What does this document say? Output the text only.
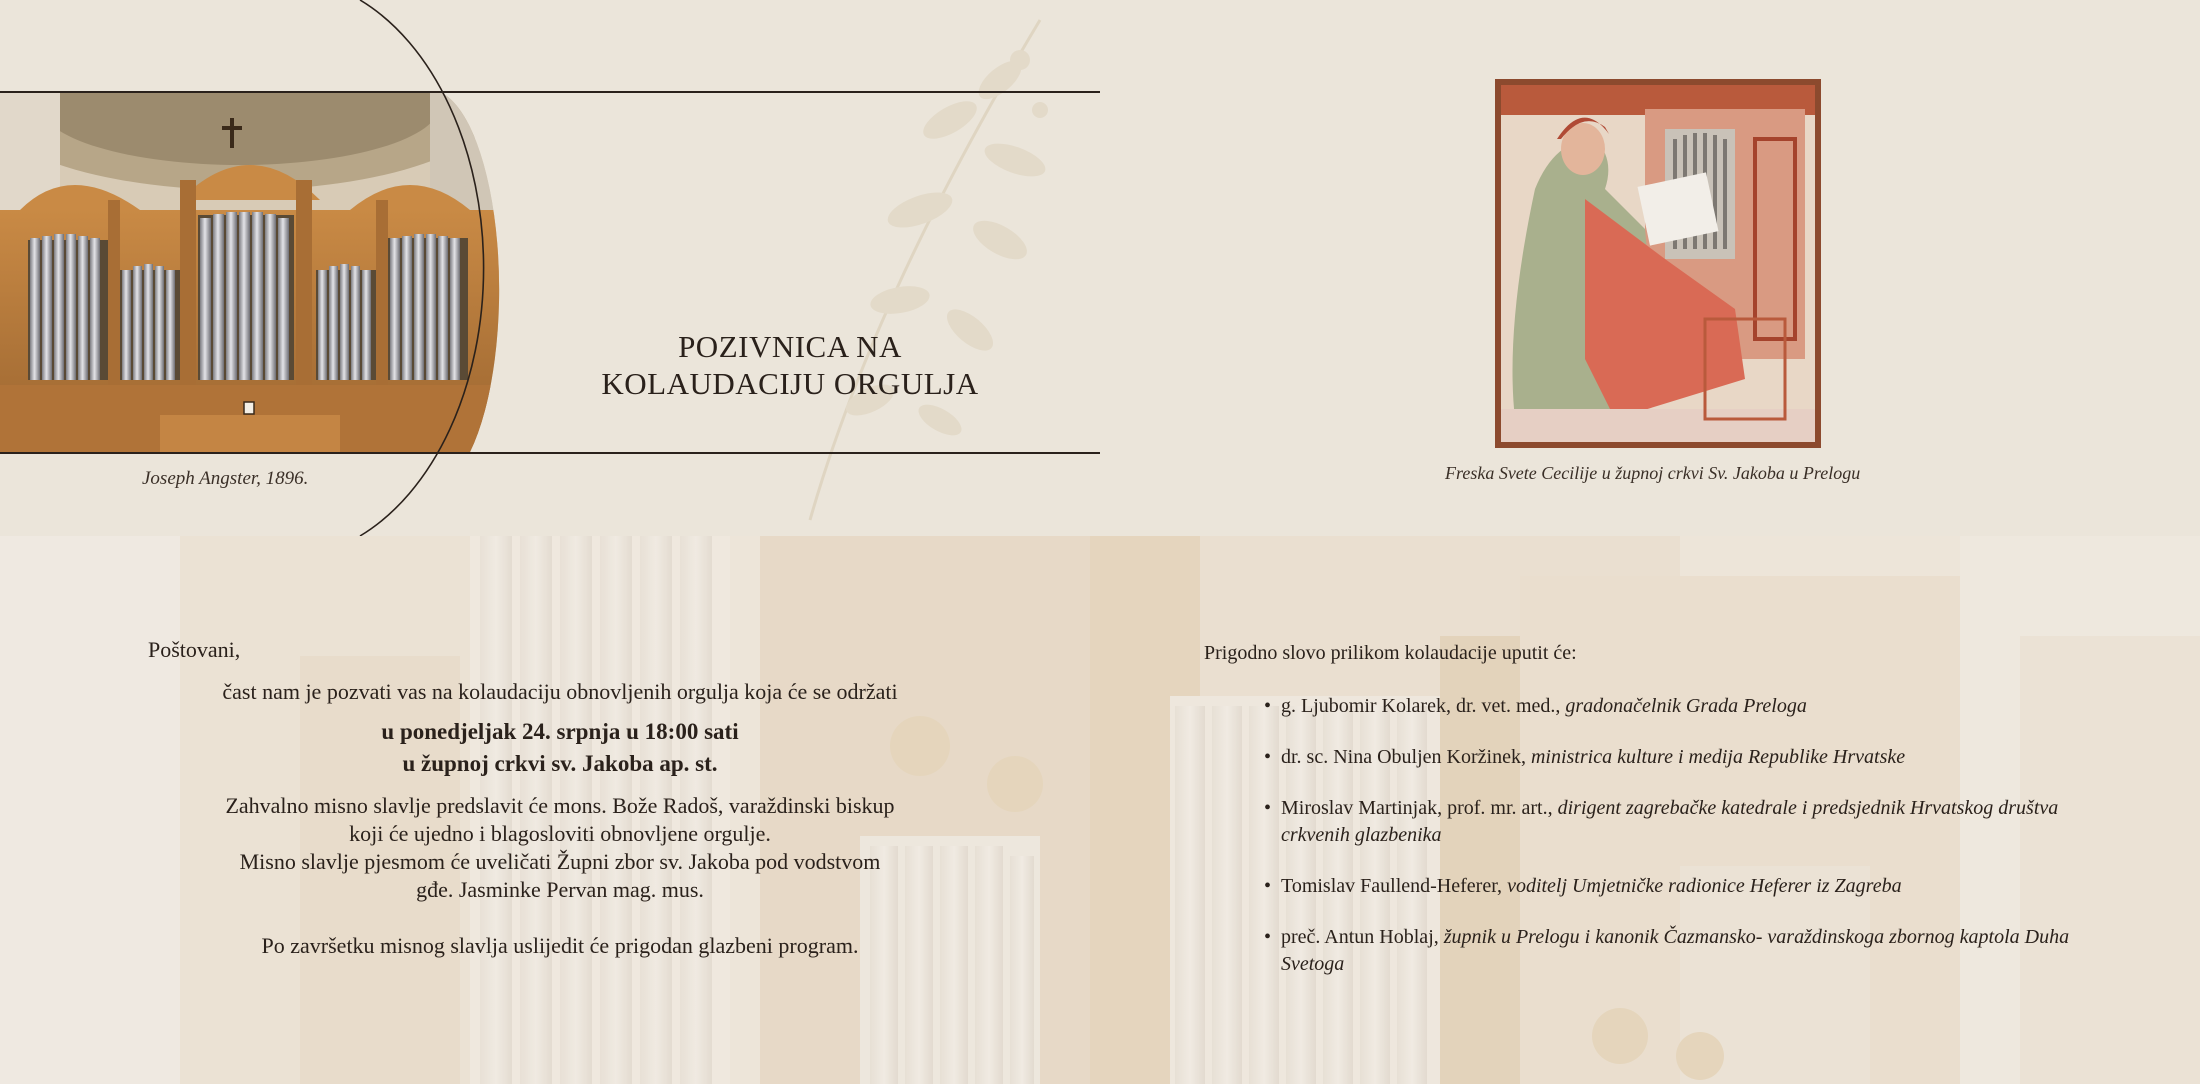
Joseph Angster, 1896.
POZIVNICA NA
KOLAUDACIJU ORGULJA
Freska Svete Cecilije u župnoj crkvi Sv. Jakoba u Prelogu
Poštovani,
čast nam je pozvati vas na kolaudaciju obnovljenih orgulja koja će se održati
u ponedjeljak 24. srpnja u 18:00 sati
u župnoj crkvi sv. Jakoba ap. st.
Zahvalno misno slavlje predslavit će mons. Bože Radoš, varaždinski biskup
koji će ujedno i blagosloviti obnovljene orgulje.
Misno slavlje pjesmom će uveličati Župni zbor sv. Jakoba pod vodstvom
gđe. Jasminke Pervan mag. mus.
Po završetku misnog slavlja uslijedit će prigodan glazbeni program.
Prigodno slovo prilikom kolaudacije uputit će:
• g. Ljubomir Kolarek, dr. vet. med., gradonačelnik Grada Preloga
• dr. sc. Nina Obuljen Koržinek, ministrica kulture i medija Republike Hrvatske
• Miroslav Martinjak, prof. mr. art., dirigent zagrebačke katedrale i predsjednik Hrvatskog društva crkvenih glazbenika
• Tomislav Faullend-Heferer, voditelj Umjetničke radionice Heferer iz Zagreba
• preč. Antun Hoblaj, župnik u Prelogu i kanonik Čazmansko- varaždinskoga zbornog kaptola Duha Svetoga
